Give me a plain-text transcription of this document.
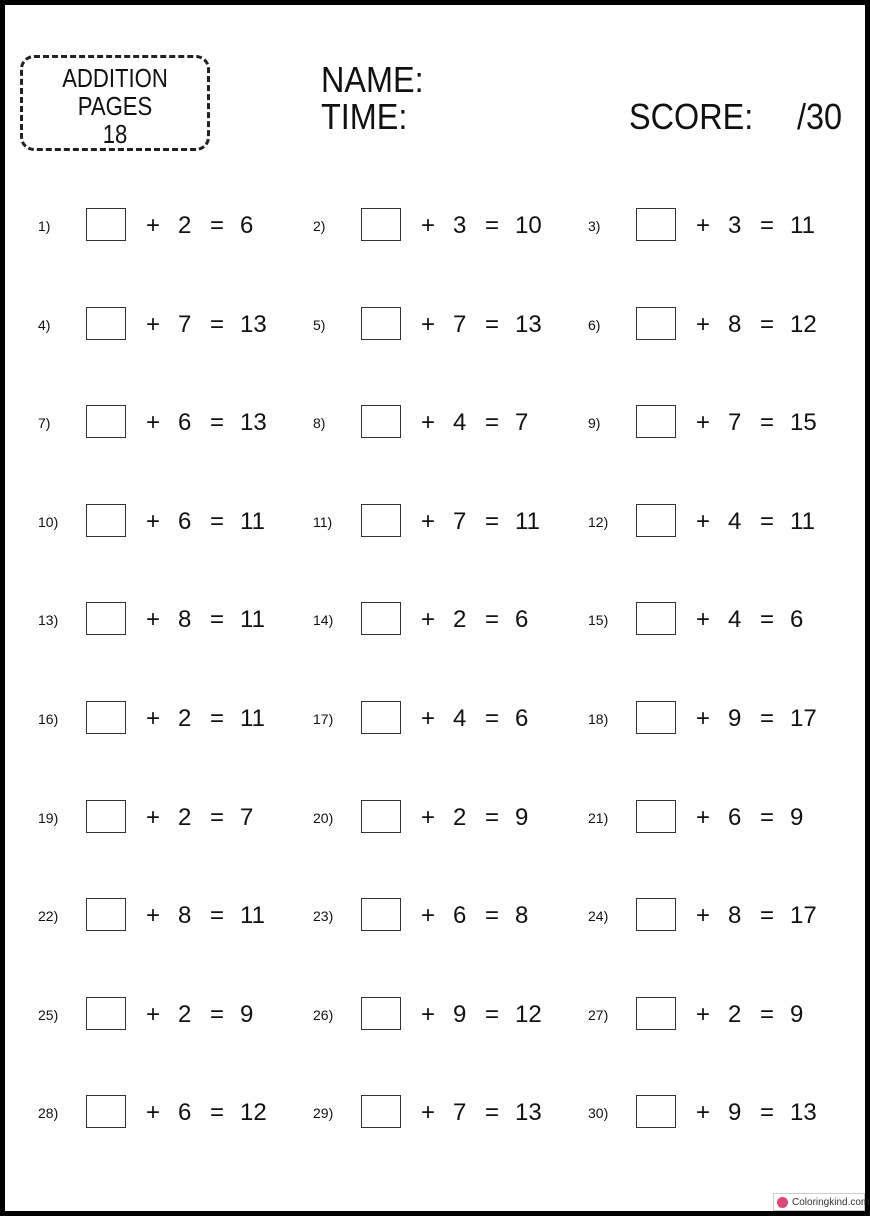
ADDITION
PAGES
18
NAME:
TIME:	SCORE: /30
1)	+ 2 = 6	2)	+ 3 = 10	3)	+ 3 = 11
4)	+ 7 = 13	5)	+ 7 = 13	6)	+ 8 = 12
7)	+ 6 = 13	8)	+ 4 = 7	9)	+ 7 = 15
10)	+ 6 = 11	11)	+ 7 = 11	12)	+ 4 = 11
13)	+ 8 = 11	14)	+ 2 = 6	15)	+ 4 = 6
16)	+ 2 = 11	17)	+ 4 = 6	18)	+ 9 = 17
19)	+ 2 = 7	20)	+ 2 = 9	21)	+ 6 = 9
22)	+ 8 = 11	23)	+ 6 = 8	24)	+ 8 = 17
25)	+ 2 = 9	26)	+ 9 = 12	27)	+ 2 = 9
28)	+ 6 = 12	29)	+ 7 = 13	30)	+ 9 = 13
Coloringkind.com
